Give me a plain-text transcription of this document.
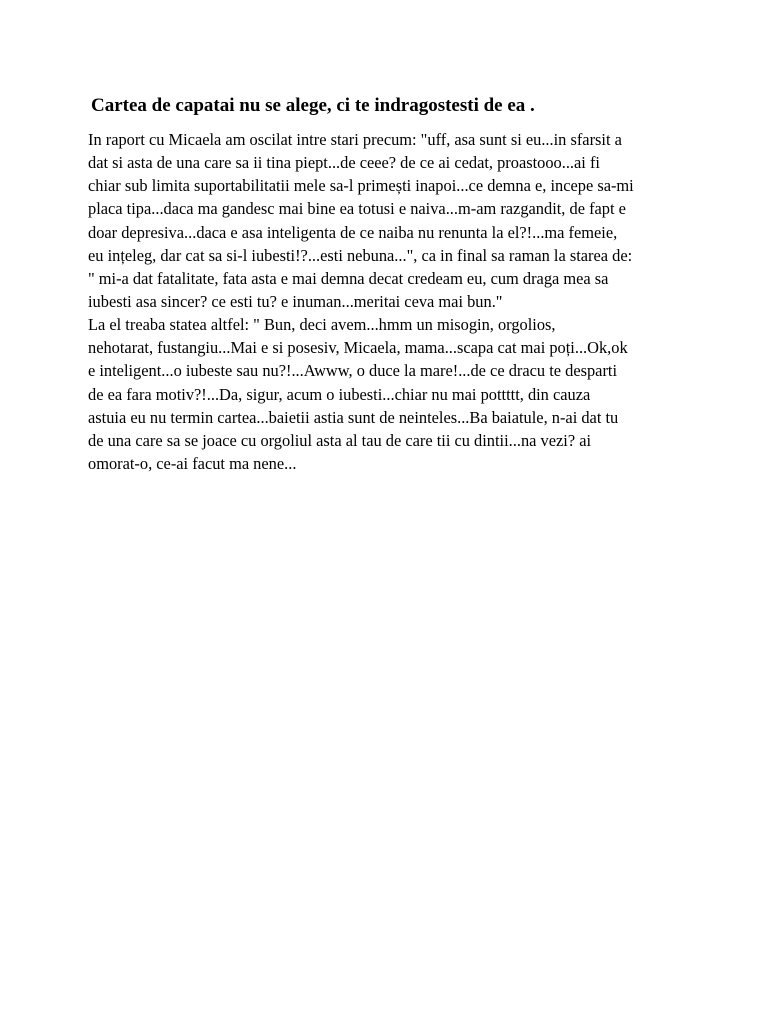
Cartea de capatai nu se alege, ci te indragostesti de ea .
In raport cu Micaela am oscilat intre stari precum: "uff, asa sunt si eu...in sfarsit a
dat si asta de una care sa ii tina piept...de ceee? de ce ai cedat, proastooo...ai fi
chiar sub limita suportabilitatii mele sa-l primești inapoi...ce demna e, incepe sa-mi
placa tipa...daca ma gandesc mai bine ea totusi e naiva...m-am razgandit, de fapt e
doar depresiva...daca e asa inteligenta de ce naiba nu renunta la el?!...ma femeie,
eu ințeleg, dar cat sa si-l iubesti!?...esti nebuna...", ca in final sa raman la starea de:
" mi-a dat fatalitate, fata asta e mai demna decat credeam eu, cum draga mea sa
iubesti asa sincer? ce esti tu? e inuman...meritai ceva mai bun."
La el treaba statea altfel: " Bun, deci avem...hmm un misogin, orgolios,
nehotarat, fustangiu...Mai e si posesiv, Micaela, mama...scapa cat mai poți...Ok,ok
e inteligent...o iubeste sau nu?!...Awww, o duce la mare!...de ce dracu te desparti
de ea fara motiv?!...Da, sigur, acum o iubesti...chiar nu mai pottttt, din cauza
astuia eu nu termin cartea...baietii astia sunt de neinteles...Ba baiatule, n-ai dat tu
de una care sa se joace cu orgoliul asta al tau de care tii cu dintii...na vezi? ai
omorat-o, ce-ai facut ma nene...
